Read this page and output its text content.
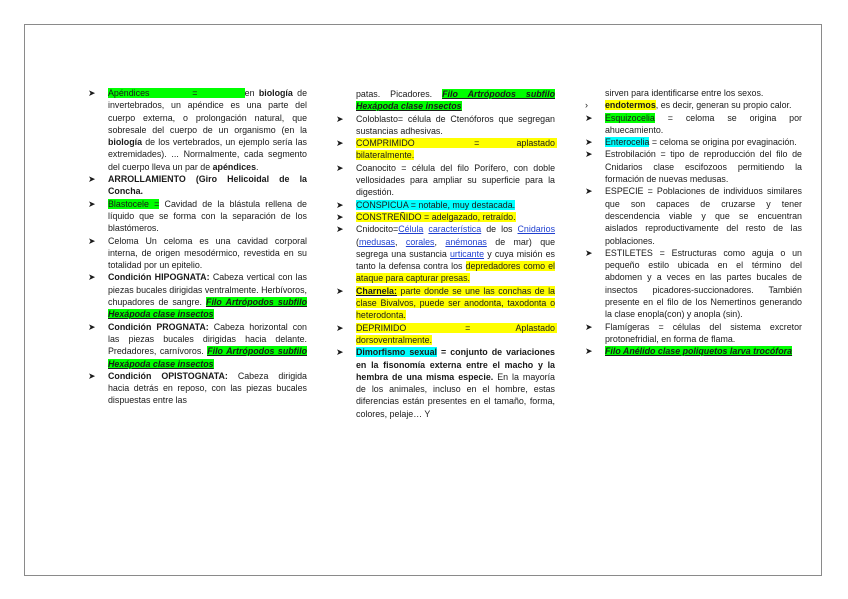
➤ Apéndices          =           en biología de invertebrados, un apéndice es una parte del cuerpo externa, o prolongación natural, que sobresale del cuerpo de un organismo (en la biología de los vertebrados, un ejemplo sería las extremidades). ... Normalmente, cada segmento del cuerpo lleva un par de apéndices.
➤ ARROLLAMIENTO (Giro Helicoidal de la Concha.
➤ Blastocele = Cavidad de la blástula rellena de líquido que se forma con la separación de los blastómeros.
➤ Celoma Un celoma es una cavidad corporal interna, de origen mesodérmico, revestida en su totalidad por un epitelio.
➤ Condición HIPOGNATA: Cabeza vertical con las piezas bucales dirigidas ventralmente. Herbívoros, chupadores de sangre. Filo Artrópodos subfilo Hexápoda clase insectos
➤ Condición PROGNATA: Cabeza horizontal con las piezas bucales dirigidas hacia delante. Predadores, carnívoros. Filo Artrópodos subfilo Hexápoda clase insectos
➤ Condición OPISTOGNATA: Cabeza dirigida hacia detrás en reposo, con las piezas bucales dispuestas entre las
patas. Picadores. Filo Artrópodos subfilo Hexápoda clase insectos
➤ Coloblasto= célula de Ctenóforos que segregan sustancias adhesivas.
➤ COMPRIMIDO                =          aplastado bilateralmente.
➤ Coanocito = célula del filo Porífero, con doble vellosidades para ampliar su superficie para la digestión.
➤ CONSPICUA = notable, muy destacada.
➤ CONSTREÑIDO = adelgazado, retraído.
➤ Cnidocito=Célula característica de los Cnidarios (medusas, corales, anémonas de mar) que segrega una sustancia urticante y cuya misión es tanto la defensa contra los depredadores como el ataque para capturar presas.
➤ Charnela: parte donde se une las conchas de la clase Bivalvos, puede ser anodonta, taxodonta o heterodonta.
➤ DEPRIMIDO                  =              Aplastado dorsoventralmente.
➤ Dimorfismo sexual = conjunto de variaciones en la fisonomía externa entre el macho y la hembra de una misma especie. En la mayoría de los animales, incluso en el hombre, estas diferencias están presentes en el tamaño, forma, colores, pelaje… Y
sirven para identificarse entre los sexos.
› endotermos, es decir, generan su propio calor.
➤ Esquizocelia = celoma se origina por ahuecamiento.
➤ Enterocelia = celoma se origina por evaginación.
➤ Estrobilación = tipo de reproducción del filo de Cnidarios clase escifozoos permitiendo la formación de nuevas medusas.
➤ ESPECIE = Poblaciones de individuos similares que son capaces de cruzarse y tener descendencia viable y que se encuentran aislados reproductivamente del resto de las poblaciones.
➤ ESTILETES = Estructuras como aguja o un pequeño estilo ubicada en el término del abdomen y a veces en las partes bucales de insectos picadores-succionadores. También presente en el filo de los Nemertinos generando la clase enopla(con) y anopla (sin).
➤ Flamígeras = células del sistema excretor protonefridial, en forma de flama.
➤ Filo Anélido clase poliquetos larva trocófora
